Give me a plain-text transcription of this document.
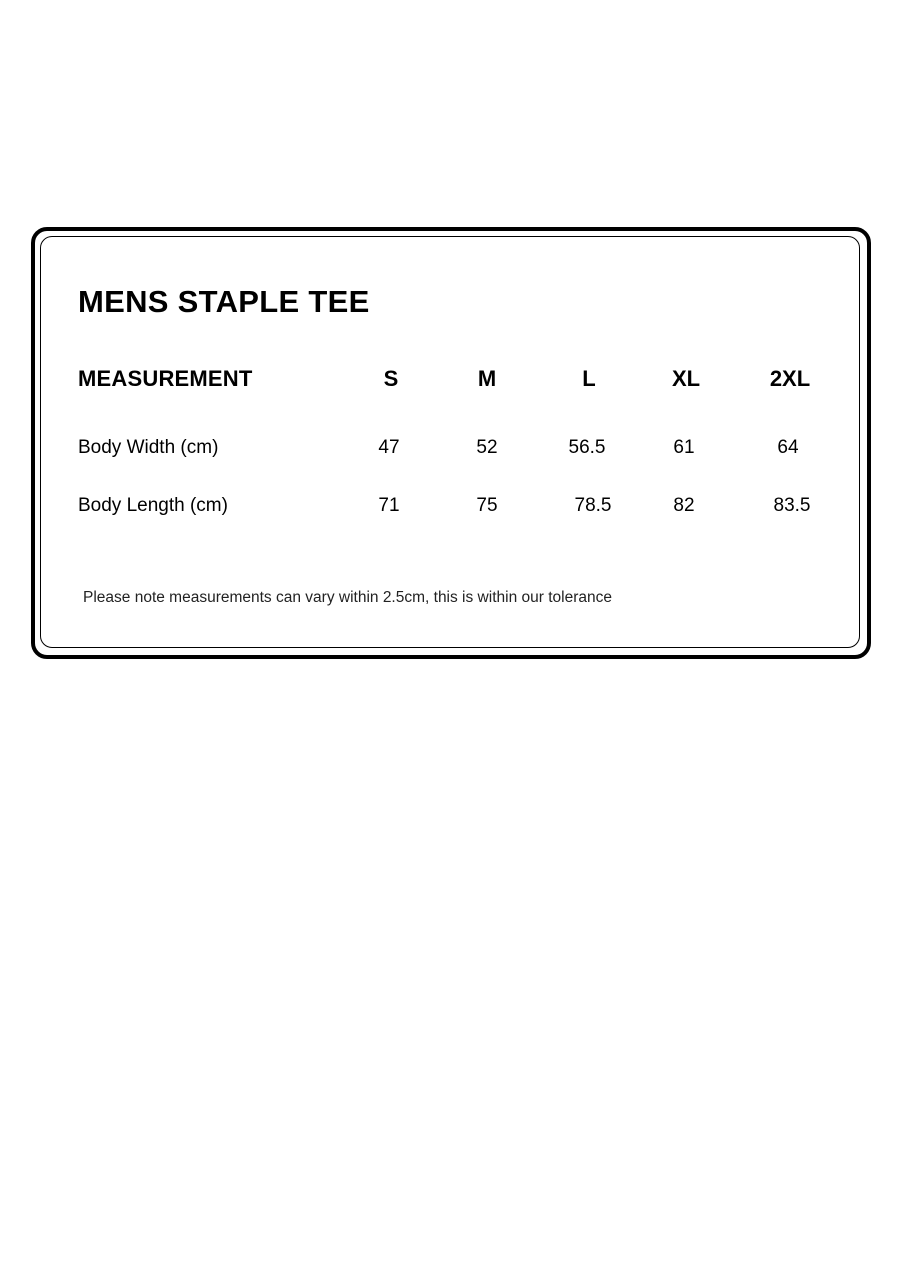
MENS STAPLE TEE
MEASUREMENT	S	M	L	XL	2XL
Body Width (cm)	47	52	56.5	61	64
Body Length (cm)	71	75	78.5	82	83.5

Please note measurements can vary within 2.5cm, this is within our tolerance
